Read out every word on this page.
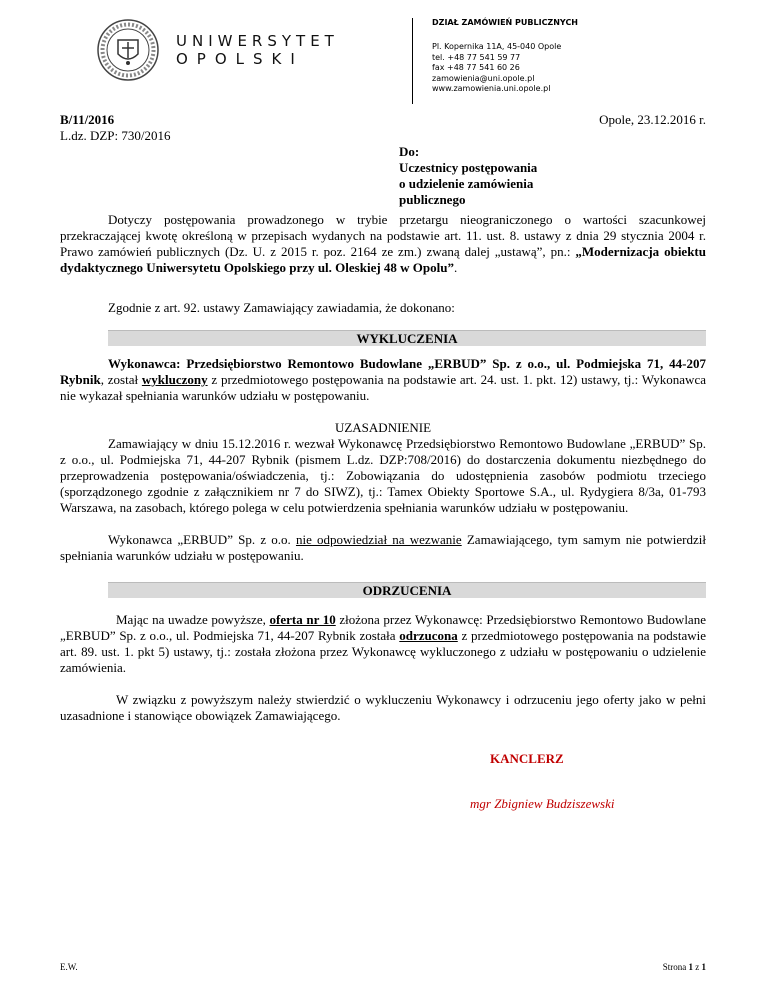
UNIWERSYTET
OPOLSKI
DZIAŁ ZAMÓWIEŃ PUBLICZNYCH
Pl. Kopernika 11A, 45-040 Opole
tel. +48 77 541 59 77
fax +48 77 541 60 26
zamowienia@uni.opole.pl
www.zamowienia.uni.opole.pl
B/11/2016
L.dz. DZP: 730/2016
Opole, 23.12.2016 r.
Do:
Uczestnicy postępowania
o udzielenie zamówienia
publicznego
Dotyczy postępowania prowadzonego w trybie przetargu nieograniczonego o wartości szacunkowej przekraczającej kwotę określoną w przepisach wydanych na podstawie art. 11. ust. 8. ustawy z dnia 29 stycznia 2004 r. Prawo zamówień publicznych (Dz. U. z 2015 r. poz. 2164 ze zm.) zwaną dalej „ustawą”, pn.: „Modernizacja obiektu dydaktycznego Uniwersytetu Opolskiego przy ul. Oleskiej 48 w Opolu”.
Zgodnie z art. 92. ustawy Zamawiający zawiadamia, że dokonano:
WYKLUCZENIA
Wykonawca: Przedsiębiorstwo Remontowo Budowlane „ERBUD” Sp. z o.o., ul. Podmiejska 71, 44-207 Rybnik, został wykluczony z przedmiotowego postępowania na podstawie art. 24. ust. 1. pkt. 12) ustawy, tj.: Wykonawca nie wykazał spełniania warunków udziału w postępowaniu.
UZASADNIENIE
Zamawiający w dniu 15.12.2016 r. wezwał Wykonawcę Przedsiębiorstwo Remontowo Budowlane „ERBUD” Sp. z o.o., ul. Podmiejska 71, 44-207 Rybnik (pismem L.dz. DZP:708/2016) do dostarczenia dokumentu niezbędnego do przeprowadzenia postępowania/oświadczenia, tj.: Zobowiązania do udostępnienia zasobów podmiotu trzeciego (sporządzonego zgodnie z załącznikiem nr 7 do SIWZ), tj.: Tamex Obiekty Sportowe S.A., ul. Rydygiera 8/3a, 01-793 Warszawa, na zasobach, którego polega w celu potwierdzenia spełniania warunków udziału w postępowaniu.
Wykonawca „ERBUD” Sp. z o.o. nie odpowiedział na wezwanie Zamawiającego, tym samym nie potwierdził spełniania warunków udziału w postępowaniu.
ODRZUCENIA
Mając na uwadze powyższe, oferta nr 10 złożona przez Wykonawcę: Przedsiębiorstwo Remontowo Budowlane „ERBUD” Sp. z o.o., ul. Podmiejska 71, 44-207 Rybnik została odrzucona z przedmiotowego postępowania na podstawie art. 89. ust. 1. pkt 5) ustawy, tj.: została złożona przez Wykonawcę wykluczonego z udziału w postępowaniu o udzielenie zamówienia.
W związku z powyższym należy stwierdzić o wykluczeniu Wykonawcy i odrzuceniu jego oferty jako w pełni uzasadnione i stanowiące obowiązek Zamawiającego.
KANCLERZ
mgr Zbigniew Budziszewski
E.W.	Strona 1 z 1
